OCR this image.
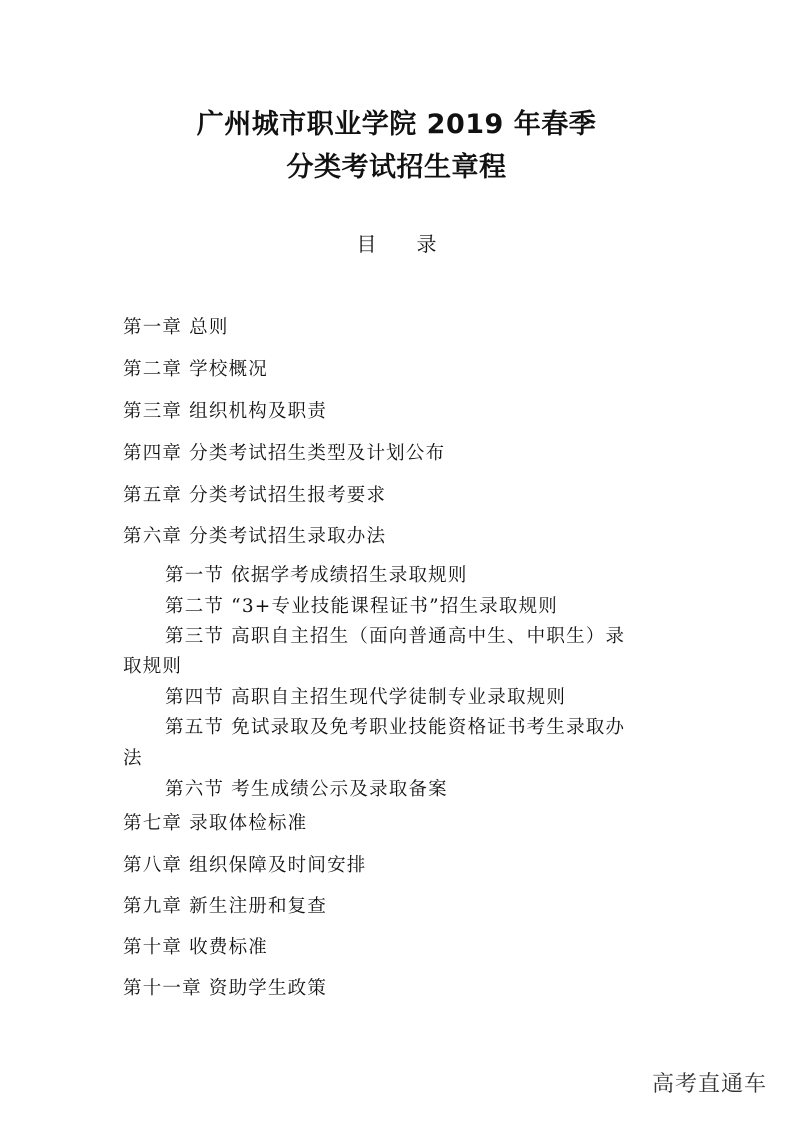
广州城市职业学院 2019 年春季
分类考试招生章程
目录
第一章 总则
第二章 学校概况
第三章 组织机构及职责
第四章 分类考试招生类型及计划公布
第五章 分类考试招生报考要求
第六章 分类考试招生录取办法
第一节 依据学考成绩招生录取规则
第二节 “3+专业技能课程证书”招生录取规则
第三节 高职自主招生（面向普通高中生、中职生）录
取规则
第四节 高职自主招生现代学徒制专业录取规则
第五节 免试录取及免考职业技能资格证书考生录取办
法
第六节 考生成绩公示及录取备案
第七章 录取体检标准
第八章 组织保障及时间安排
第九章 新生注册和复查
第十章 收费标准
第十一章 资助学生政策
高考直通车
